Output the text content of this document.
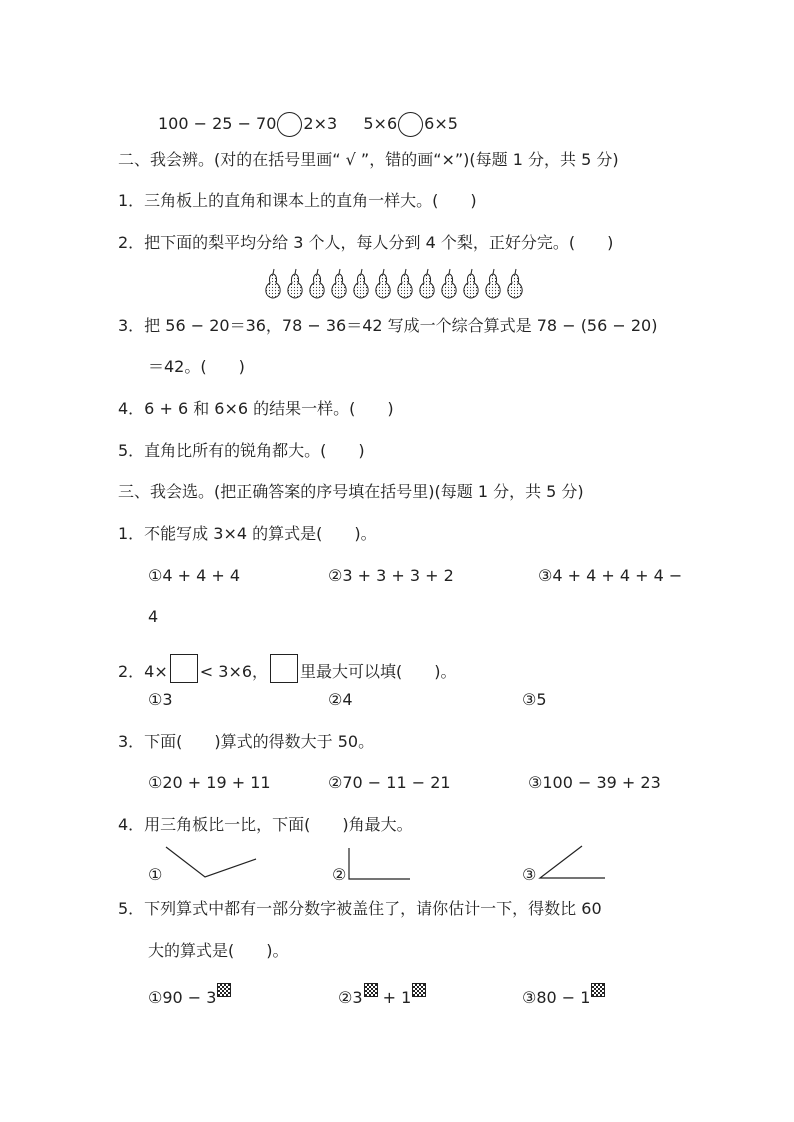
100 − 25 − 70 2×3 5×6 6×5
二、我会辨。(对的在括号里画“ √ ”，错的画“×”)(每题 1 分，共 5 分)
1．三角板上的直角和课本上的直角一样大。(　　)
2．把下面的梨平均分给 3 个人，每人分到 4 个梨，正好分完。(　　)
3．把 56 − 20＝36，78 − 36＝42 写成一个综合算式是 78 − (56 − 20)
＝42。(　　)
4．6 + 6 和 6×6 的结果一样。(　　)
5．直角比所有的锐角都大。(　　)
三、我会选。(把正确答案的序号填在括号里)(每题 1 分，共 5 分)
1．不能写成 3×4 的算式是(　　)。
①4 + 4 + 4	②3 + 3 + 3 + 2	③4 + 4 + 4 + 4 −
4
2．4× < 3×6， 里最大可以填(　　)。
①3	②4	③5
3．下面(　　)算式的得数大于 50。
①20 + 19 + 11	②70 − 11 − 21	③100 − 39 + 23
4．用三角板比一比，下面(　　)角最大。
①	②	③
5．下列算式中都有一部分数字被盖住了，请你估计一下，得数比 60
大的算式是(　　)。
①90 − 3	②3 + 1	③80 − 1
